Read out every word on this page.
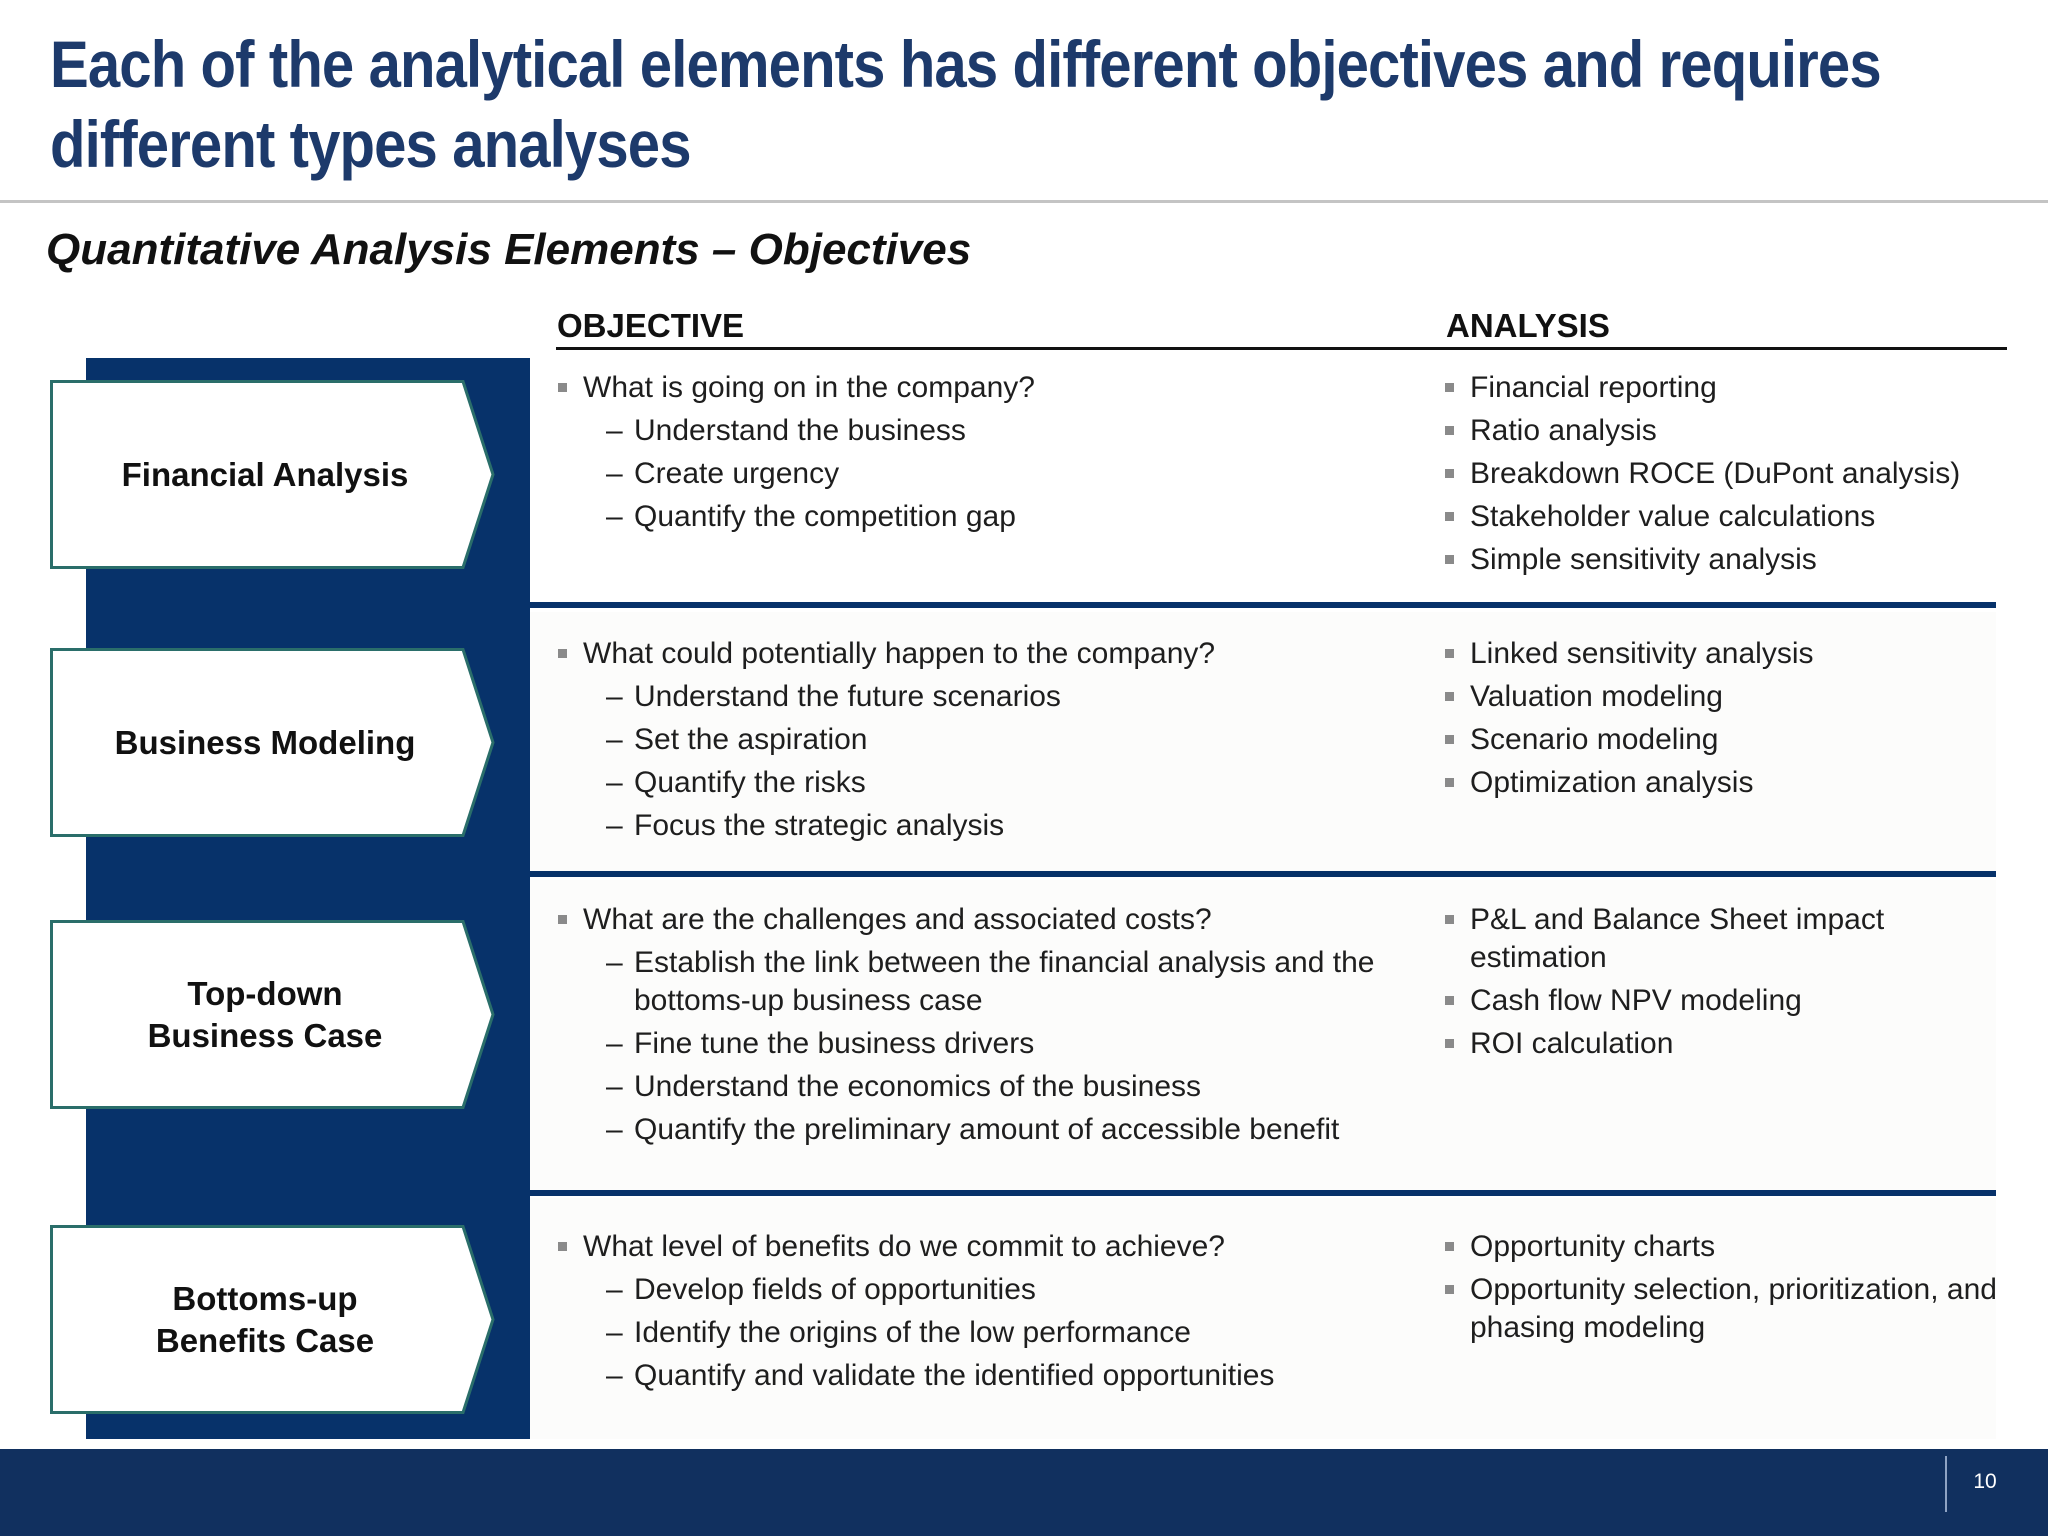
Each of the analytical elements has different objectives and requires different types analyses
Quantitative Analysis Elements – Objectives
OBJECTIVE	ANALYSIS
Financial Analysis
Business Modeling
Top-down
Business Case
Bottoms-up
Benefits Case
What is going on in the company?
– Understand the business
– Create urgency
– Quantify the competition gap
Financial reporting
Ratio analysis
Breakdown ROCE (DuPont analysis)
Stakeholder value calculations
Simple sensitivity analysis
What could potentially happen to the company?
– Understand the future scenarios
– Set the aspiration
– Quantify the risks
– Focus the strategic analysis
Linked sensitivity analysis
Valuation modeling
Scenario modeling
Optimization analysis
What are the challenges and associated costs?
– Establish the link between the financial analysis and the bottoms-up business case
– Fine tune the business drivers
– Understand the economics of the business
– Quantify the preliminary amount of accessible benefit
P&L and Balance Sheet impact estimation
Cash flow NPV modeling
ROI calculation
What level of benefits do we commit to achieve?
– Develop fields of opportunities
– Identify the origins of the low performance
– Quantify and validate the identified opportunities
Opportunity charts
Opportunity selection, prioritization, and phasing modeling
10
